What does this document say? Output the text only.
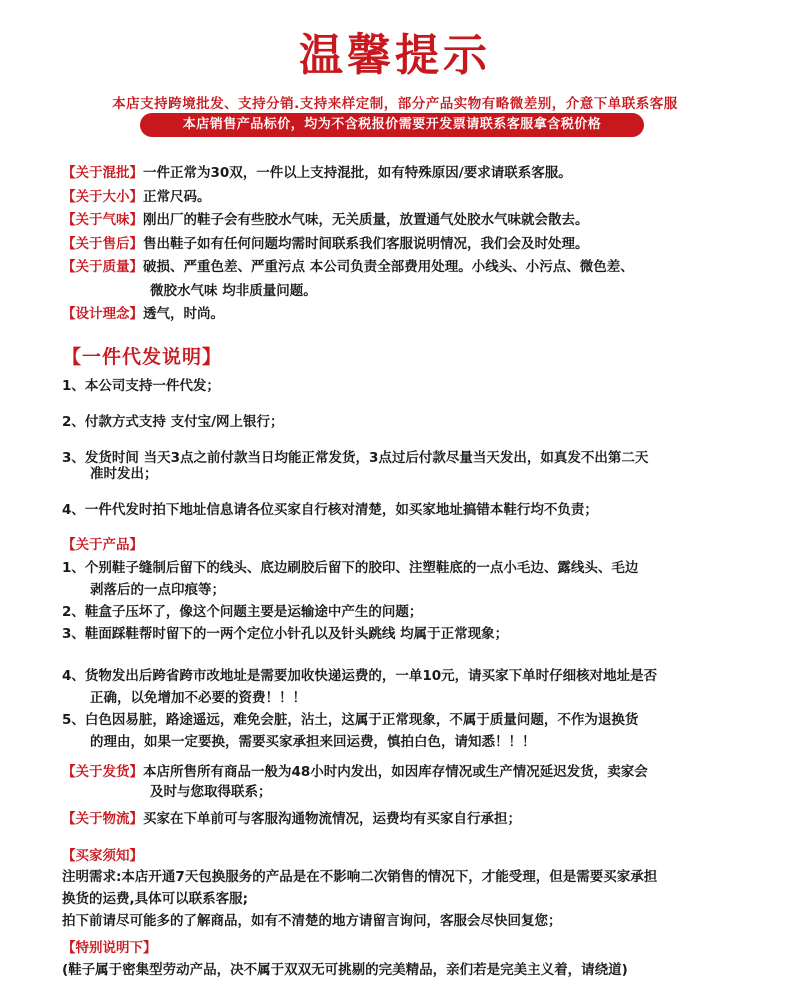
温馨提示
本店支持跨境批发、支持分销.支持来样定制，部分产品实物有略微差别，介意下单联系客服
本店销售产品标价，均为不含税报价需要开发票请联系客服拿含税价格
【关于混批】一件正常为30双，一件以上支持混批，如有特殊原因/要求请联系客服。
【关于大小】正常尺码。
【关于气味】刚出厂的鞋子会有些胶水气味，无关质量，放置通气处胶水气味就会散去。
【关于售后】售出鞋子如有任何问题均需时间联系我们客服说明情况，我们会及时处理。
【关于质量】破损、严重色差、严重污点 本公司负责全部费用处理。小线头、小污点、微色差、
微胶水气味 均非质量问题。
【设计理念】透气，时尚。
【一件代发说明】
1、本公司支持一件代发；
2、付款方式支持 支付宝/网上银行；
3、发货时间 当天3点之前付款当日均能正常发货，3点过后付款尽量当天发出，如真发不出第二天
准时发出；
4、一件代发时拍下地址信息请各位买家自行核对清楚，如买家地址搞错本鞋行均不负责；
【关于产品】
1、个别鞋子缝制后留下的线头、底边刷胶后留下的胶印、注塑鞋底的一点小毛边、露线头、毛边
剥落后的一点印痕等；
2、鞋盒子压坏了，像这个问题主要是运输途中产生的问题；
3、鞋面踩鞋帮时留下的一两个定位小针孔以及针头跳线 均属于正常现象；
4、货物发出后跨省跨市改地址是需要加收快递运费的，一单10元，请买家下单时仔细核对地址是否
正确，以免增加不必要的资费！！！
5、白色因易脏，路途遥远，难免会脏，沾土，这属于正常现象，不属于质量问题，不作为退换货
的理由，如果一定要换，需要买家承担来回运费，慎拍白色，请知悉！！！
【关于发货】本店所售所有商品一般为48小时内发出，如因库存情况或生产情况延迟发货，卖家会
及时与您取得联系；
【关于物流】买家在下单前可与客服沟通物流情况，运费均有买家自行承担；
【买家须知】
注明需求:本店开通7天包换服务的产品是在不影响二次销售的情况下，才能受理，但是需要买家承担
换货的运费,具体可以联系客服;
拍下前请尽可能多的了解商品，如有不清楚的地方请留言询问，客服会尽快回复您；
【特别说明下】
(鞋子属于密集型劳动产品，决不属于双双无可挑剔的完美精品，亲们若是完美主义着，请绕道)
